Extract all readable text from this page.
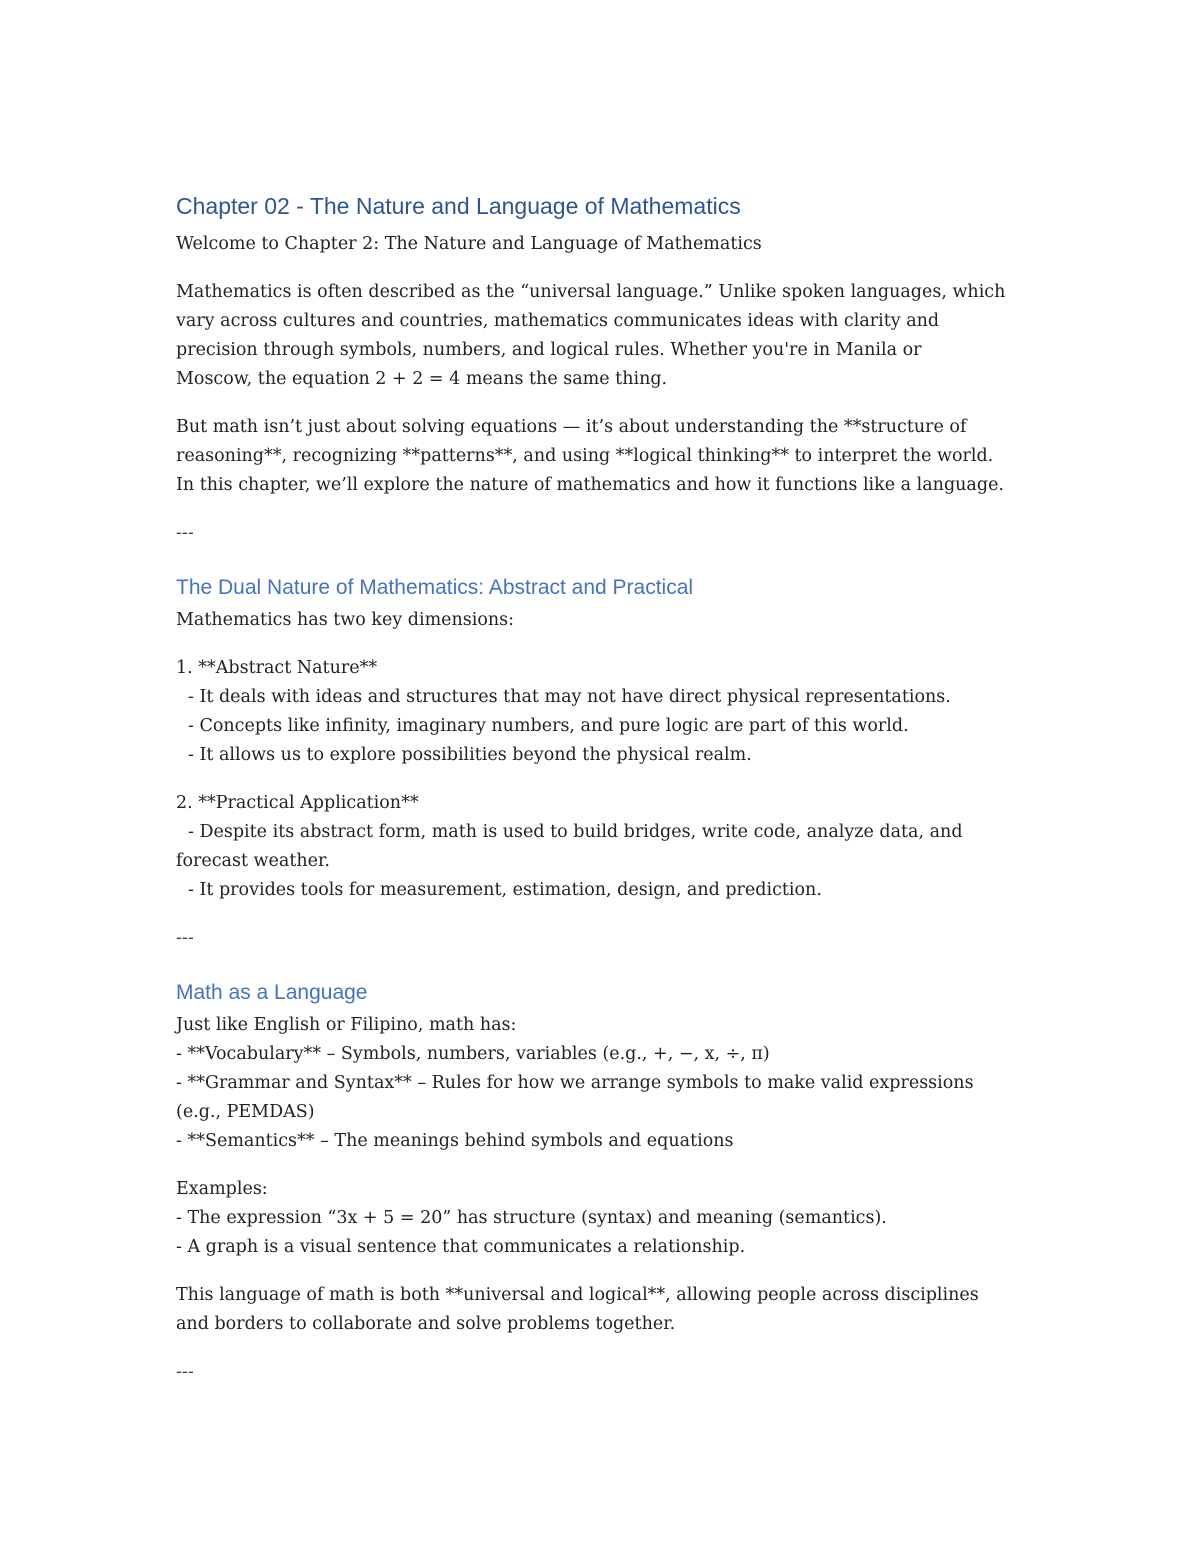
Chapter 02 - The Nature and Language of Mathematics

Welcome to Chapter 2: The Nature and Language of Mathematics

Mathematics is often described as the “universal language.” Unlike spoken languages, which
vary across cultures and countries, mathematics communicates ideas with clarity and
precision through symbols, numbers, and logical rules. Whether you're in Manila or
Moscow, the equation 2 + 2 = 4 means the same thing.

But math isn’t just about solving equations — it’s about understanding the **structure of
reasoning**, recognizing **patterns**, and using **logical thinking** to interpret the world.
In this chapter, we’ll explore the nature of mathematics and how it functions like a language.

---

The Dual Nature of Mathematics: Abstract and Practical

Mathematics has two key dimensions:

1. **Abstract Nature**
- It deals with ideas and structures that may not have direct physical representations.
- Concepts like infinity, imaginary numbers, and pure logic are part of this world.
- It allows us to explore possibilities beyond the physical realm.

2. **Practical Application**
- Despite its abstract form, math is used to build bridges, write code, analyze data, and
forecast weather.
- It provides tools for measurement, estimation, design, and prediction.

---

Math as a Language

Just like English or Filipino, math has:
- **Vocabulary** – Symbols, numbers, variables (e.g., +, −, x, ÷, π)
- **Grammar and Syntax** – Rules for how we arrange symbols to make valid expressions
(e.g., PEMDAS)
- **Semantics** – The meanings behind symbols and equations

Examples:
- The expression “3x + 5 = 20” has structure (syntax) and meaning (semantics).
- A graph is a visual sentence that communicates a relationship.

This language of math is both **universal and logical**, allowing people across disciplines
and borders to collaborate and solve problems together.

---
